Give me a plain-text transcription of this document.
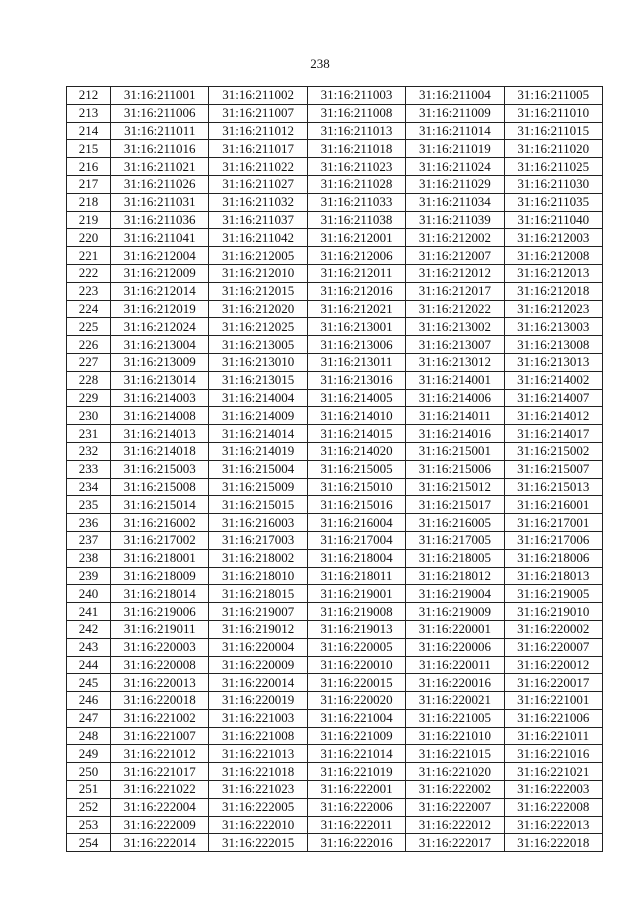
238
212	31:16:211001	31:16:211002	31:16:211003	31:16:211004	31:16:211005
213	31:16:211006	31:16:211007	31:16:211008	31:16:211009	31:16:211010
214	31:16:211011	31:16:211012	31:16:211013	31:16:211014	31:16:211015
215	31:16:211016	31:16:211017	31:16:211018	31:16:211019	31:16:211020
216	31:16:211021	31:16:211022	31:16:211023	31:16:211024	31:16:211025
217	31:16:211026	31:16:211027	31:16:211028	31:16:211029	31:16:211030
218	31:16:211031	31:16:211032	31:16:211033	31:16:211034	31:16:211035
219	31:16:211036	31:16:211037	31:16:211038	31:16:211039	31:16:211040
220	31:16:211041	31:16:211042	31:16:212001	31:16:212002	31:16:212003
221	31:16:212004	31:16:212005	31:16:212006	31:16:212007	31:16:212008
222	31:16:212009	31:16:212010	31:16:212011	31:16:212012	31:16:212013
223	31:16:212014	31:16:212015	31:16:212016	31:16:212017	31:16:212018
224	31:16:212019	31:16:212020	31:16:212021	31:16:212022	31:16:212023
225	31:16:212024	31:16:212025	31:16:213001	31:16:213002	31:16:213003
226	31:16:213004	31:16:213005	31:16:213006	31:16:213007	31:16:213008
227	31:16:213009	31:16:213010	31:16:213011	31:16:213012	31:16:213013
228	31:16:213014	31:16:213015	31:16:213016	31:16:214001	31:16:214002
229	31:16:214003	31:16:214004	31:16:214005	31:16:214006	31:16:214007
230	31:16:214008	31:16:214009	31:16:214010	31:16:214011	31:16:214012
231	31:16:214013	31:16:214014	31:16:214015	31:16:214016	31:16:214017
232	31:16:214018	31:16:214019	31:16:214020	31:16:215001	31:16:215002
233	31:16:215003	31:16:215004	31:16:215005	31:16:215006	31:16:215007
234	31:16:215008	31:16:215009	31:16:215010	31:16:215012	31:16:215013
235	31:16:215014	31:16:215015	31:16:215016	31:16:215017	31:16:216001
236	31:16:216002	31:16:216003	31:16:216004	31:16:216005	31:16:217001
237	31:16:217002	31:16:217003	31:16:217004	31:16:217005	31:16:217006
238	31:16:218001	31:16:218002	31:16:218004	31:16:218005	31:16:218006
239	31:16:218009	31:16:218010	31:16:218011	31:16:218012	31:16:218013
240	31:16:218014	31:16:218015	31:16:219001	31:16:219004	31:16:219005
241	31:16:219006	31:16:219007	31:16:219008	31:16:219009	31:16:219010
242	31:16:219011	31:16:219012	31:16:219013	31:16:220001	31:16:220002
243	31:16:220003	31:16:220004	31:16:220005	31:16:220006	31:16:220007
244	31:16:220008	31:16:220009	31:16:220010	31:16:220011	31:16:220012
245	31:16:220013	31:16:220014	31:16:220015	31:16:220016	31:16:220017
246	31:16:220018	31:16:220019	31:16:220020	31:16:220021	31:16:221001
247	31:16:221002	31:16:221003	31:16:221004	31:16:221005	31:16:221006
248	31:16:221007	31:16:221008	31:16:221009	31:16:221010	31:16:221011
249	31:16:221012	31:16:221013	31:16:221014	31:16:221015	31:16:221016
250	31:16:221017	31:16:221018	31:16:221019	31:16:221020	31:16:221021
251	31:16:221022	31:16:221023	31:16:222001	31:16:222002	31:16:222003
252	31:16:222004	31:16:222005	31:16:222006	31:16:222007	31:16:222008
253	31:16:222009	31:16:222010	31:16:222011	31:16:222012	31:16:222013
254	31:16:222014	31:16:222015	31:16:222016	31:16:222017	31:16:222018
